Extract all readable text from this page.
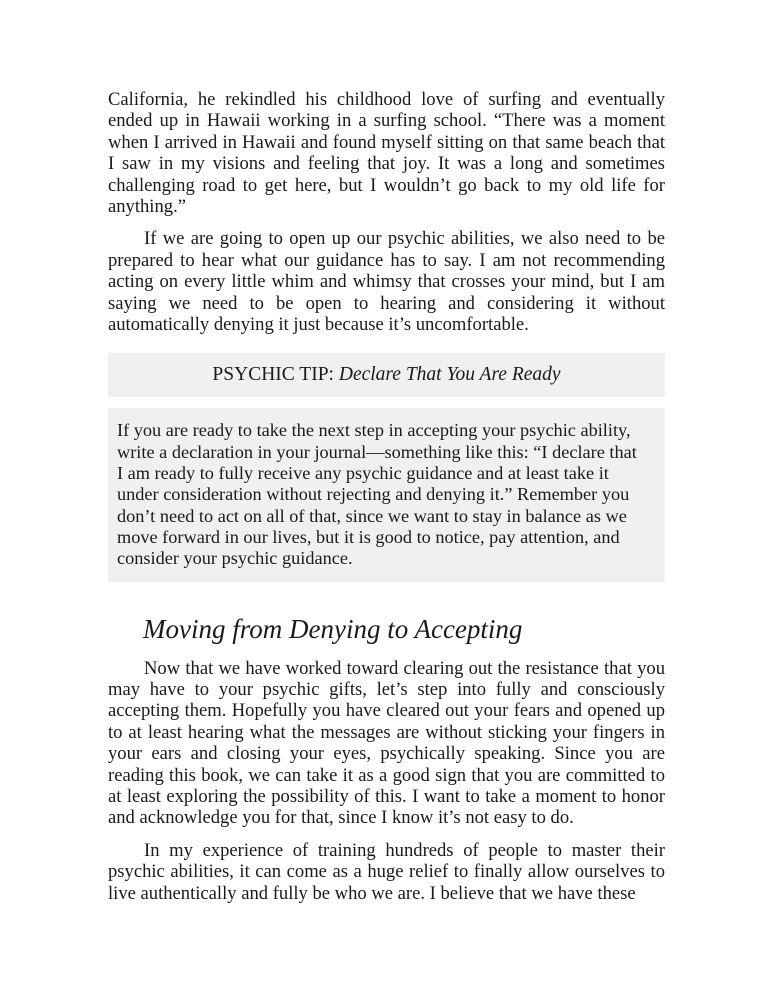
California, he rekindled his childhood love of surfing and eventually ended up in Hawaii working in a surfing school. “There was a moment when I arrived in Hawaii and found myself sitting on that same beach that I saw in my visions and feeling that joy. It was a long and sometimes challenging road to get here, but I wouldn’t go back to my old life for anything.”

If we are going to open up our psychic abilities, we also need to be prepared to hear what our guidance has to say. I am not recommending acting on every little whim and whimsy that crosses your mind, but I am saying we need to be open to hearing and considering it without automatically denying it just because it’s uncomfortable.

PSYCHIC TIP:
Declare That You Are Ready

If you are ready to take the next step in accepting your psychic ability,

write a declaration in your journal—something like this: “I declare that

I am ready to fully receive any psychic guidance and at least take it

under consideration without rejecting and denying it.” Remember you

don’t need to act on all of that, since we want to stay in balance as we

move forward in our lives, but it is good to notice, pay attention, and

consider your psychic guidance.

Moving from Denying to Accepting

Now that we have worked toward clearing out the resistance that you may have to your psychic gifts, let’s step into fully and consciously accepting them. Hopefully you have cleared out your fears and opened up to at least hearing what the messages are without sticking your fingers in your ears and closing your eyes, psychically speaking. Since you are reading this book, we can take it as a good sign that you are committed to at least exploring the possibility of this. I want to take a moment to honor and acknowledge you for that, since I know it’s not easy to do.

In my experience of training hundreds of people to master their psychic abilities, it can come as a huge relief to finally allow ourselves to live authentically and fully be who we are. I believe that we have these
